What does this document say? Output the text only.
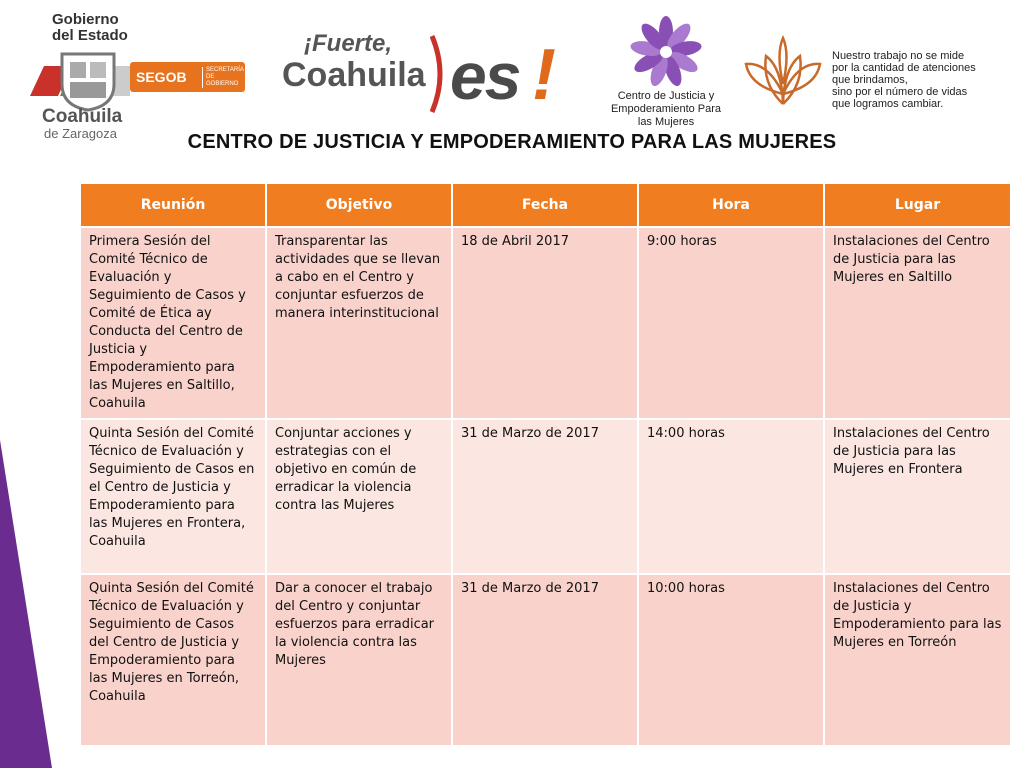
Gobierno
del Estado
SEGOB	SECRETARÍA DE GOBIERNO
Coahuila
de Zaragoza
¡Fuerte,
Coahuila es !	Centro de Justicia y Empoderamiento Para las Mujeres
Nuestro trabajo no se mide
por la cantidad de atenciones
que brindamos,
sino por el número de vidas
que logramos cambiar.
CENTRO DE JUSTICIA Y EMPODERAMIENTO PARA LAS MUJERES
Reunión	Objetivo	Fecha	Hora	Lugar
Primera Sesión del Comité Técnico de Evaluación y Seguimiento de Casos y Comité de Ética ay Conducta del Centro de Justicia y Empoderamiento para las Mujeres en Saltillo, Coahuila	Transparentar las actividades que se llevan a cabo en el Centro y conjuntar esfuerzos de manera interinstitucional	18 de Abril 2017	9:00 horas	Instalaciones del Centro de Justicia para las Mujeres en Saltillo
Quinta Sesión del Comité Técnico de Evaluación y Seguimiento de Casos en el Centro de Justicia y Empoderamiento para las Mujeres en Frontera, Coahuila	Conjuntar acciones y estrategias con el objetivo en común de erradicar la violencia contra las Mujeres	31 de Marzo de 2017	14:00 horas	Instalaciones del Centro de Justicia para las Mujeres en Frontera
Quinta Sesión del Comité Técnico de Evaluación y Seguimiento de Casos del Centro de Justicia y Empoderamiento para las Mujeres en Torreón, Coahuila	Dar a conocer el trabajo del Centro y conjuntar esfuerzos para erradicar la violencia contra las Mujeres	31 de Marzo de 2017	10:00 horas	Instalaciones del Centro de Justicia y Empoderamiento para las Mujeres en Torreón
